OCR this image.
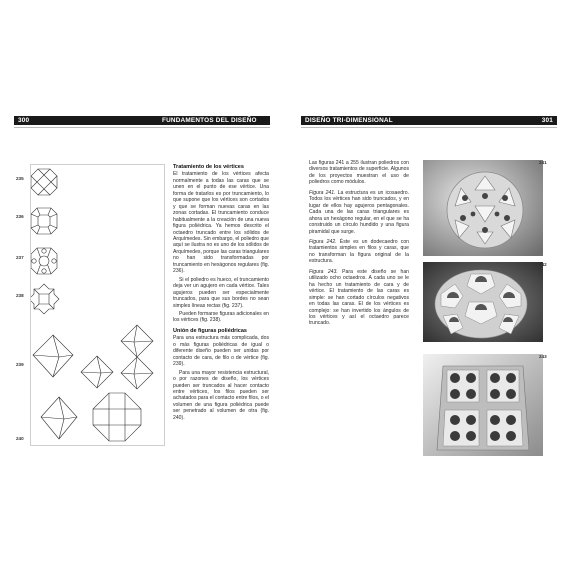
300	FUNDAMENTOS DEL DISEÑO
235
236
237
238
239
240
Tratamiento de los vértices

El tratamiento de los vértices afecta normalmente a todas las caras que se unen en el punto de ese vértice. Una forma de tratarlos es por truncamiento, lo que supone que los vértices son cortados y que se forman nuevas caras en las zonas cortadas. El truncamiento conduce habitualmente a la creación de una nueva figura poliédrica. Ya hemos descrito el octaedro truncado entre los sólidos de Arquímedes. Sin embargo, el poliedro que aquí se ilustra no es uno de los sólidos de Arquímedes, porque las caras triangulares no han sido transformadas por truncamiento en hexágonos regulares (fig. 236).

Si el poliedro es hueco, el truncamiento deja ver un agujero en cada vértice. Tales agujeros pueden ser especialmente truncados, para que sus bordes no sean simples líneas rectas (fig. 237).

Pueden formarse figuras adicionales en los vértices (fig. 238).

Unión de figuras poliédricas

Para una estructura más complicada, dos o más figuras poliédricas de igual o diferente diseño pueden ser unidas por contacto de cara, de filo o de vértice (fig. 239).

Para una mayor resistencia estructural, o por razones de diseño, los vértices pueden ser truncados al hacer contacto entre vértices, los filos pueden ser achatados para el contacto entre filos, o el volumen de una figura poliédrica puede ser penetrado al volumen de otra (fig. 240).

DISEÑO TRI-DIMENSIONAL	301

Las figuras 241 a 255 ilustran poliedros con diversos tratamientos de superficie. Algunos de los proyectos muestran el uso de poliedros como módulos.

Figura 241. La estructura es un icosaedro. Todos los vértices han sido truncados, y en lugar de ellos hay agujeros pentagonales. Cada una de las caras triangulares es ahora un hexágono regular, en el que se ha construido un círculo hundido y una figura piramidal que surge.

Figura 242. Éste es un dodecaedro con tratamientos simples en filos y caras, que no transforman la figura original de la estructura.

Figura 243. Para este diseño se han utilizado ocho octaedros. A cada uno se le ha hecho un tratamiento de cara y de vértice. El tratamiento de las caras es simple: se han cortado círculos negativos en todas las caras. El de los vértices es complejo: se han invertido los ángulos de los vértices y así el octaedro parece truncado.

241
242
243
